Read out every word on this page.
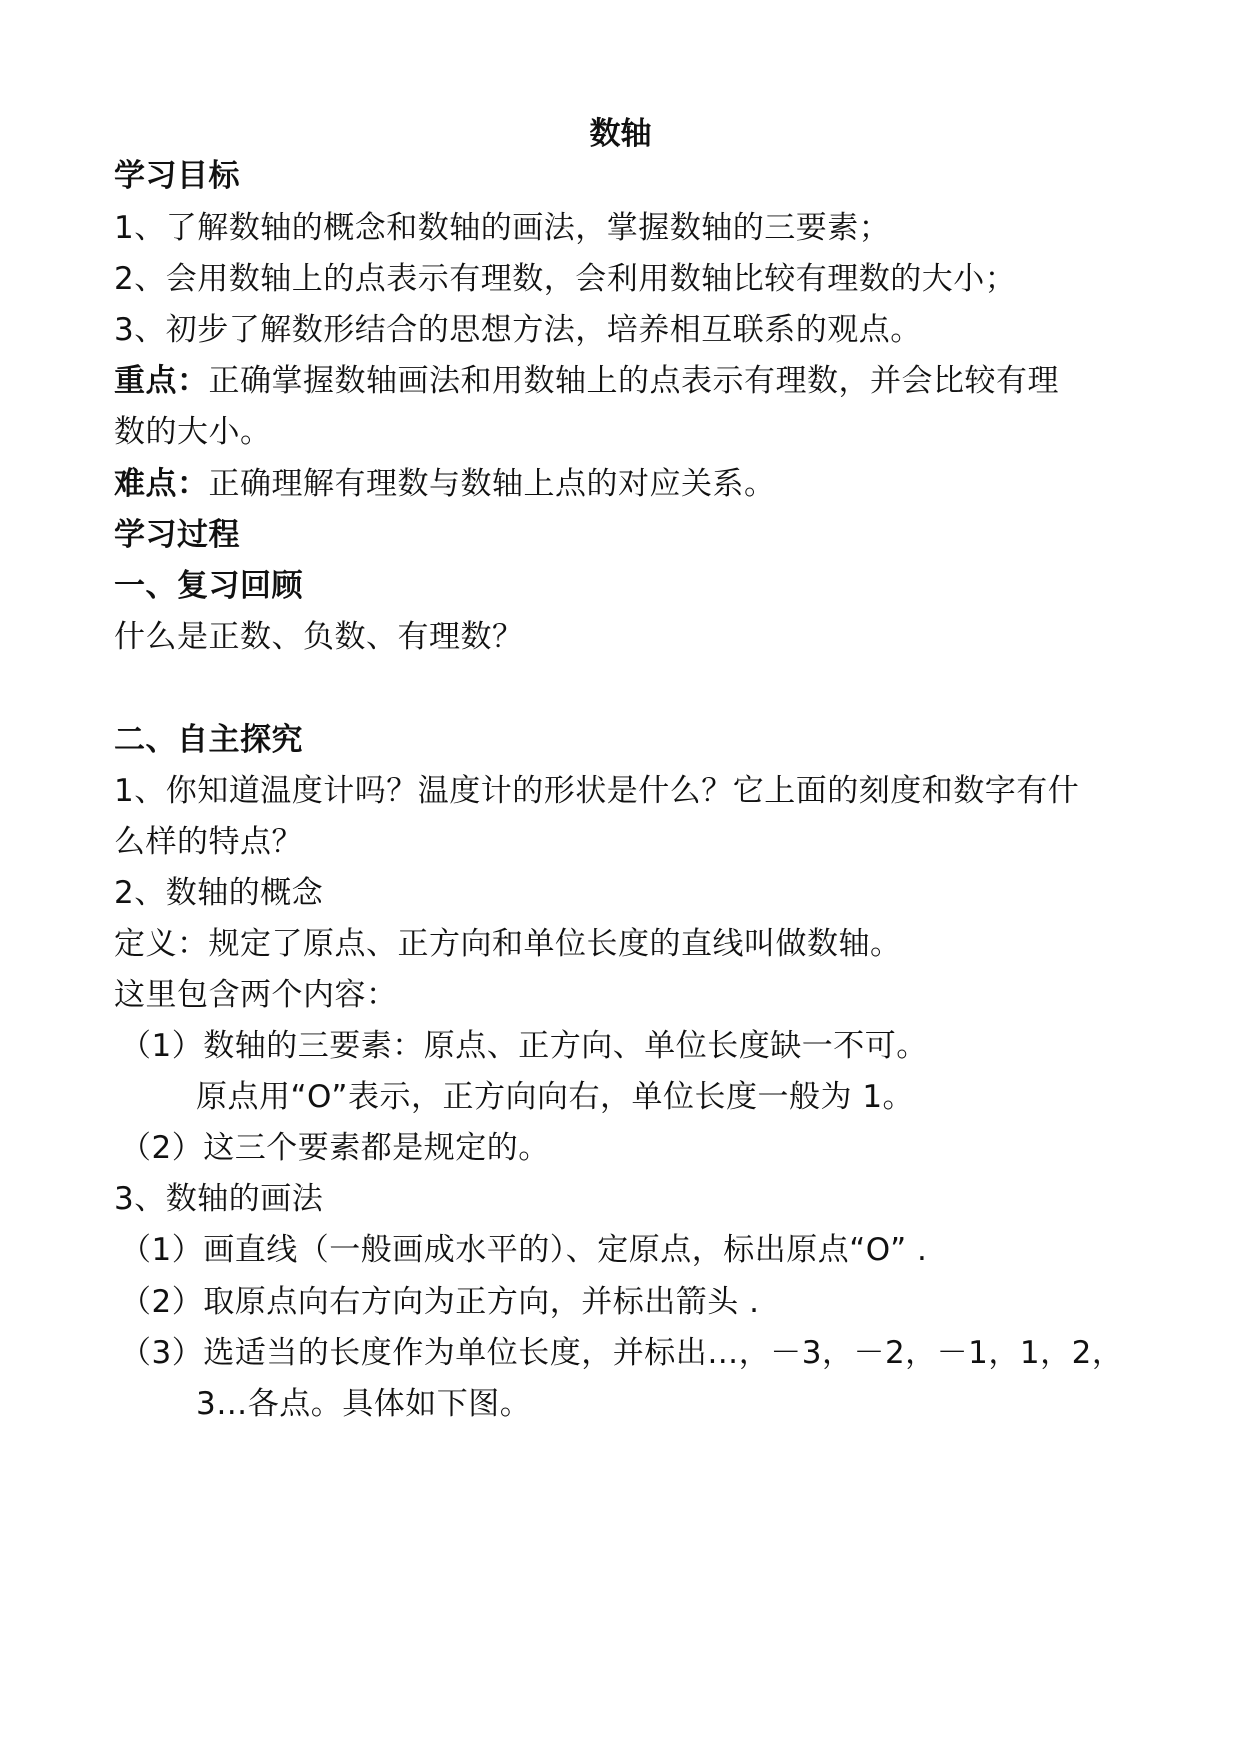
数轴
学习目标
1、了解数轴的概念和数轴的画法，掌握数轴的三要素；
2、会用数轴上的点表示有理数，会利用数轴比较有理数的大小；
3、初步了解数形结合的思想方法，培养相互联系的观点。
重点：正确掌握数轴画法和用数轴上的点表示有理数，并会比较有理
数的大小。
难点：正确理解有理数与数轴上点的对应关系。
学习过程
一、复习回顾
什么是正数、负数、有理数？
二、自主探究
1、你知道温度计吗？温度计的形状是什么？它上面的刻度和数字有什
么样的特点？
2、数轴的概念
定义：规定了原点、正方向和单位长度的直线叫做数轴。
这里包含两个内容：
（1）数轴的三要素：原点、正方向、单位长度缺一不可。
原点用“O”表示，正方向向右，单位长度一般为 1。
（2）这三个要素都是规定的。
3、数轴的画法
（1）画直线（一般画成水平的）、定原点，标出原点“O” .
（2）取原点向右方向为正方向，并标出箭头 .
（3）选适当的长度作为单位长度，并标出…，－3，－2，－1，1，2，
3…各点。具体如下图。
